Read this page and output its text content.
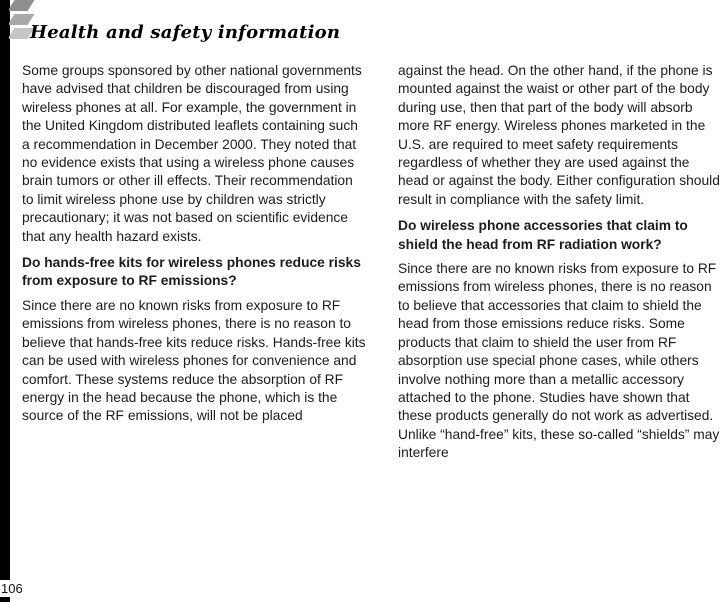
Health and safety information

Some groups sponsored by other national governments have advised that children be discouraged from using wireless phones at all. For example, the government in the United Kingdom distributed leaflets containing such a recommendation in December 2000. They noted that no evidence exists that using a wireless phone causes brain tumors or other ill effects. Their recommendation to limit wireless phone use by children was strictly precautionary; it was not based on scientific evidence that any health hazard exists.

Do hands-free kits for wireless phones reduce risks from exposure to RF emissions?

Since there are no known risks from exposure to RF emissions from wireless phones, there is no reason to believe that hands-free kits reduce risks. Hands-free kits can be used with wireless phones for convenience and comfort. These systems reduce the absorption of RF energy in the head because the phone, which is the source of the RF emissions, will not be placed

against the head. On the other hand, if the phone is mounted against the waist or other part of the body during use, then that part of the body will absorb more RF energy. Wireless phones marketed in the U.S. are required to meet safety requirements regardless of whether they are used against the head or against the body. Either configuration should result in compliance with the safety limit.

Do wireless phone accessories that claim to shield the head from RF radiation work?

Since there are no known risks from exposure to RF emissions from wireless phones, there is no reason to believe that accessories that claim to shield the head from those emissions reduce risks. Some products that claim to shield the user from RF absorption use special phone cases, while others involve nothing more than a metallic accessory attached to the phone. Studies have shown that these products generally do not work as advertised. Unlike “hand-free” kits, these so-called “shields” may interfere

106
